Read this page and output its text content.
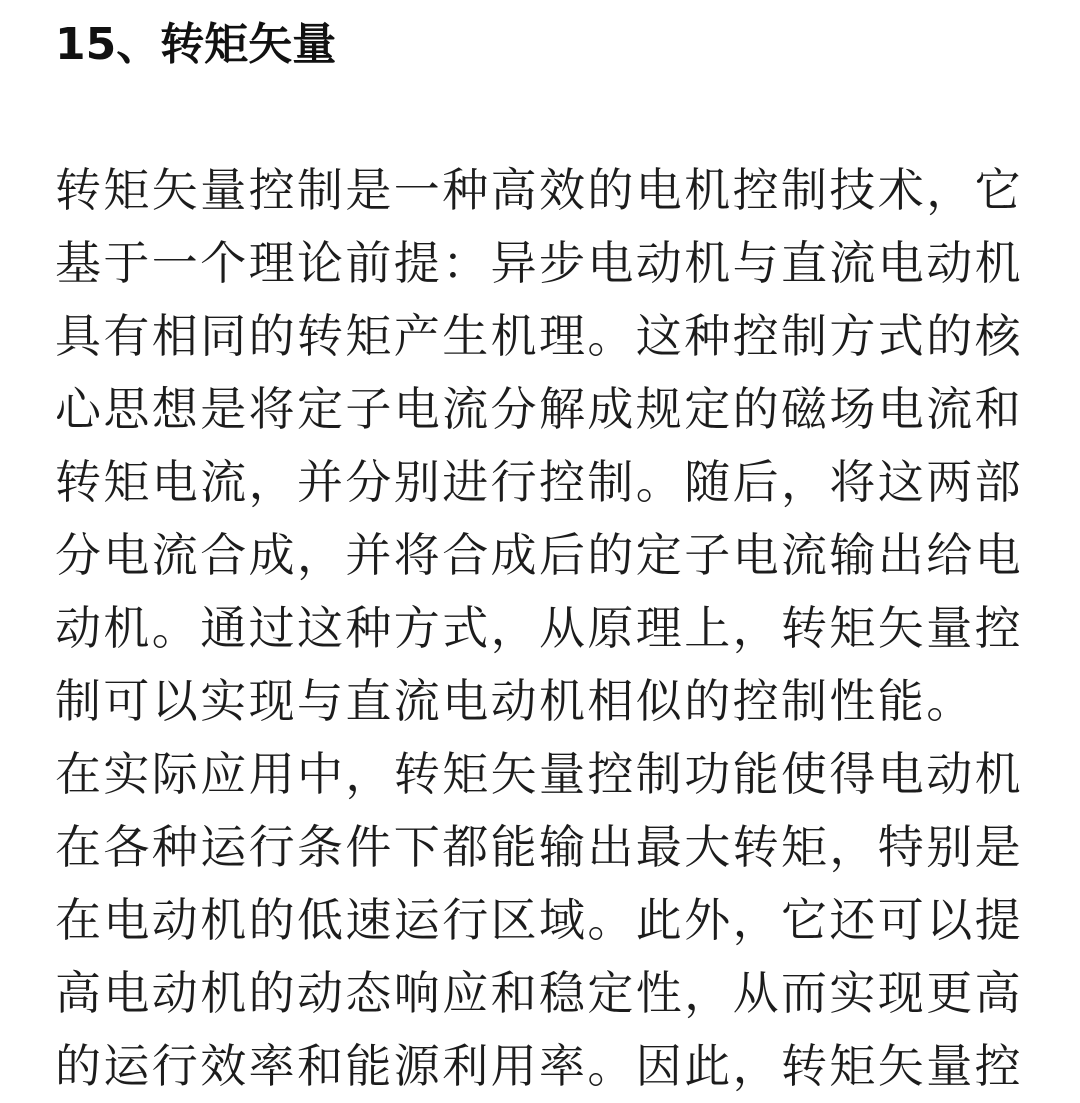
15、转矩矢量
转矩矢量控制是一种高效的电机控制技术，它
基于一个理论前提：异步电动机与直流电动机
具有相同的转矩产生机理。这种控制方式的核
心思想是将定子电流分解成规定的磁场电流和
转矩电流，并分别进行控制。随后，将这两部
分电流合成，并将合成后的定子电流输出给电
动机。通过这种方式，从原理上，转矩矢量控
制可以实现与直流电动机相似的控制性能。
在实际应用中，转矩矢量控制功能使得电动机
在各种运行条件下都能输出最大转矩，特别是
在电动机的低速运行区域。此外，它还可以提
高电动机的动态响应和稳定性，从而实现更高
的运行效率和能源利用率。因此，转矩矢量控
